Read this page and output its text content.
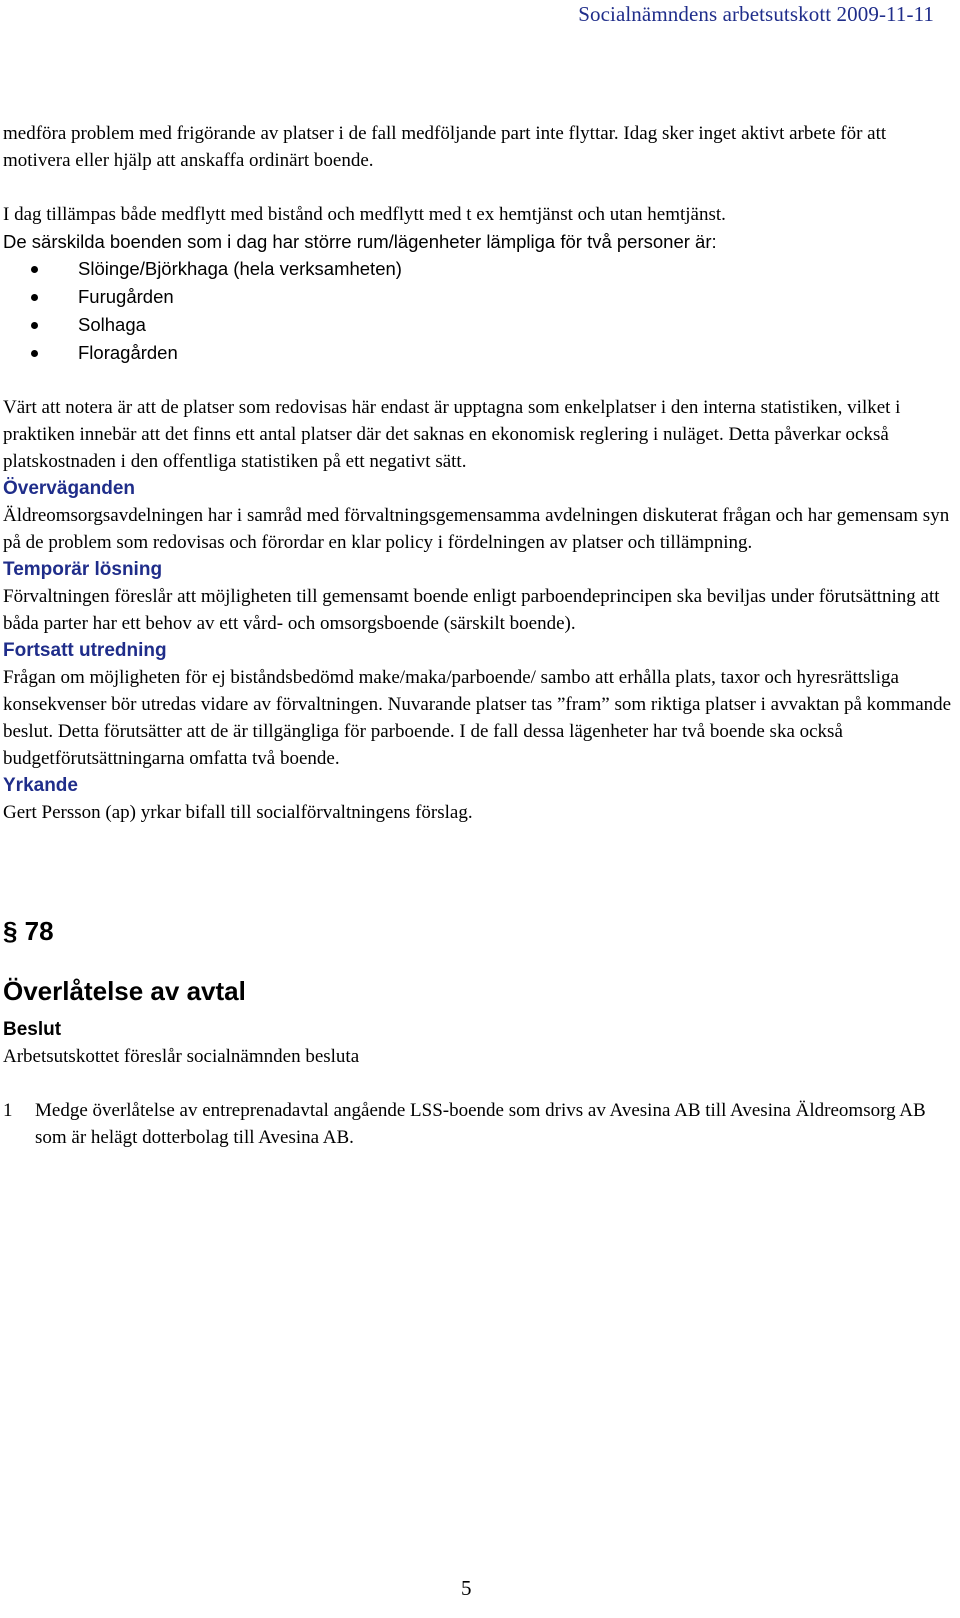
Socialnämndens arbetsutskott 2009-11-11

medföra problem med frigörande av platser i de fall medföljande part inte flyttar. Idag sker inget aktivt arbete för att motivera eller hjälp att anskaffa ordinärt boende.

I dag tillämpas både medflytt med bistånd och medflytt med t ex hemtjänst och utan hemtjänst.

De särskilda boenden som i dag har större rum/lägenheter lämpliga för två personer är:

Slöinge/Björkhaga (hela verksamheten)
Furugården
Solhaga
Floragården

Värt att notera är att de platser som redovisas här endast är upptagna som enkelplatser i den interna statistiken, vilket i praktiken innebär att det finns ett antal platser där det saknas en ekonomisk reglering i nuläget. Detta påverkar också platskostnaden i den offentliga statistiken på ett negativt sätt.

Överväganden

Äldreomsorgsavdelningen har i samråd med förvaltningsgemensamma avdelningen diskuterat frågan och har gemensam syn på de problem som redovisas och förordar en klar policy i fördelningen av platser och tillämpning.

Temporär lösning

Förvaltningen föreslår att möjligheten till gemensamt boende enligt parboendeprincipen ska beviljas under förutsättning att båda parter har ett behov av ett vård- och omsorgsboende (särskilt boende).

Fortsatt utredning

Frågan om möjligheten för ej biståndsbedömd make/maka/parboende/ sambo att erhålla plats, taxor och hyresrättsliga konsekvenser bör utredas vidare av förvaltningen. Nuvarande platser tas ”fram” som riktiga platser i avvaktan på kommande beslut. Detta förutsätter att de är tillgängliga för parboende. I de fall dessa lägenheter har två boende ska också budgetförutsättningarna omfatta två boende.

Yrkande

Gert Persson (ap) yrkar bifall till socialförvaltningens förslag.

§ 78
Överlåtelse av avtal
Beslut

Arbetsutskottet föreslår socialnämnden besluta

1 Medge överlåtelse av entreprenadavtal angående LSS-boende som drivs av Avesina AB till Avesina Äldreomsorg AB som är helägt dotterbolag till Avesina AB.

5
